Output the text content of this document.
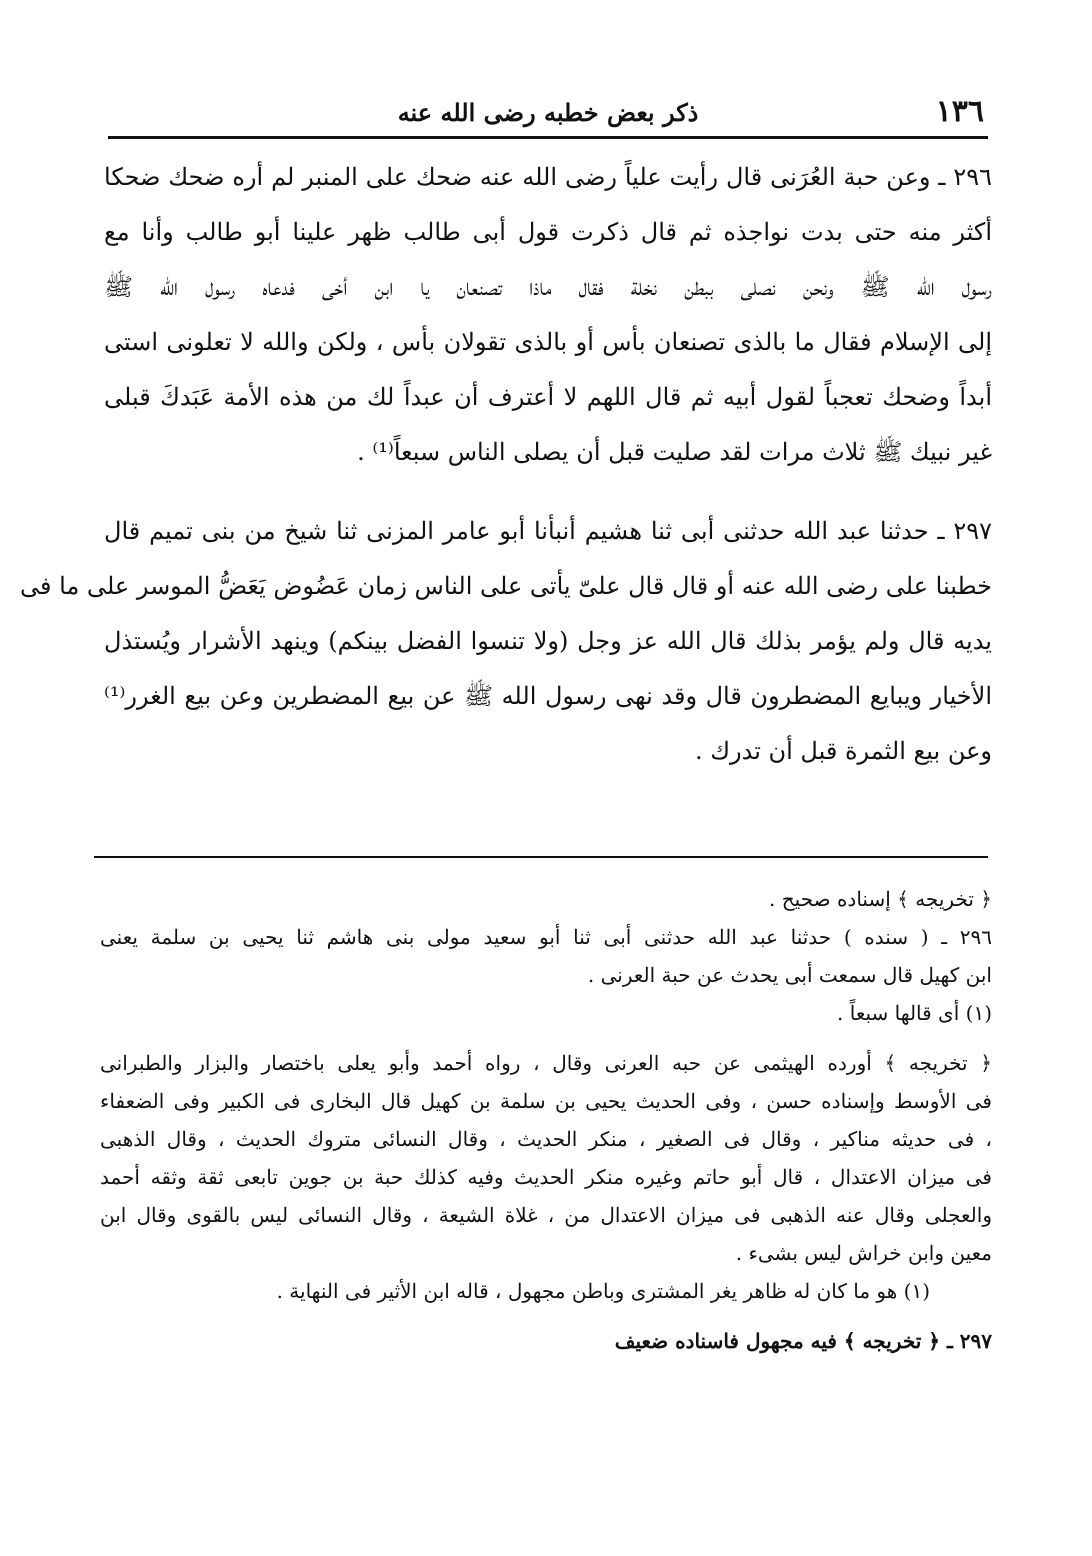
١٣٦
ذكر بعض خطبه رضى الله عنه

٢٩٦ ـ وعن حبة العُرَنى قال رأيت علياً رضى الله عنه ضحك على المنبر لم أره ضحك ضحكا
أكثر منه حتى بدت نواجذه ثم قال ذكرت قول أبى طالب ظهر علينا أبو طالب وأنا مع
رسول الله ﷺ ونحن نصلى ببطن نخلة فقال ماذا تصنعان يا ابن أخى فدعاه رسول الله ﷺ
إلى الإسلام فقال ما بالذى تصنعان بأس أو بالذى تقولان بأس ، ولكن والله لا تعلونى استى
أبداً وضحك تعجباً لقول أبيه ثم قال اللهم لا أعترف أن عبداً لك من هذه الأمة عَبَدكَ قبلى
غير نبيك ﷺ ثلاث مرات لقد صليت قبل أن يصلى الناس سبعاً⁽¹⁾ .

٢٩٧ ـ حدثنا عبد الله حدثنى أبى ثنا هشيم أنبأنا أبو عامر المزنى ثنا شيخ من بنى تميم قال
خطبنا على رضى الله عنه أو قال قال علىّ يأتى على الناس زمان عَضُوض يَعَضُّ الموسر على ما فى
يديه قال ولم يؤمر بذلك قال الله عز وجل (ولا تنسوا الفضل بينكم) وينهد الأشرار ويُستذل
الأخيار ويبايع المضطرون قال وقد نهى رسول الله ﷺ عن بيع المضطرين وعن بيع الغرر⁽¹⁾
وعن بيع الثمرة قبل أن تدرك .

﴿ تخريجه ﴾ إسناده صحيح .
٢٩٦ ـ ( سنده ) حدثنا عبد الله حدثنى أبى ثنا أبو سعيد مولى بنى هاشم ثنا يحيى بن سلمة يعنى
ابن كهيل قال سمعت أبى يحدث عن حبة العرنى .
(١) أى قالها سبعاً .
﴿ تخريجه ﴾ أورده الهيثمى عن حبه العرنى وقال ، رواه أحمد وأبو يعلى باختصار والبزار والطبرانى
فى الأوسط وإسناده حسن ، وفى الحديث يحيى بن سلمة بن كهيل قال البخارى فى الكبير وفى الضعفاء
، فى حديثه مناكير ، وقال فى الصغير ، منكر الحديث ، وقال النسائى متروك الحديث ، وقال الذهبى
فى ميزان الاعتدال ، قال أبو حاتم وغيره منكر الحديث وفيه كذلك حبة بن جوين تابعى ثقة وثقه أحمد
والعجلى وقال عنه الذهبى فى ميزان الاعتدال من ، غلاة الشيعة ، وقال النسائى ليس بالقوى وقال ابن
معين وابن خراش ليس بشىء .
(١) هو ما كان له ظاهر يغر المشترى وباطن مجهول ، قاله ابن الأثير فى النهاية .
٢٩٧ ـ ﴿ تخريجه ﴾ فيه مجهول فاسناده ضعيف
